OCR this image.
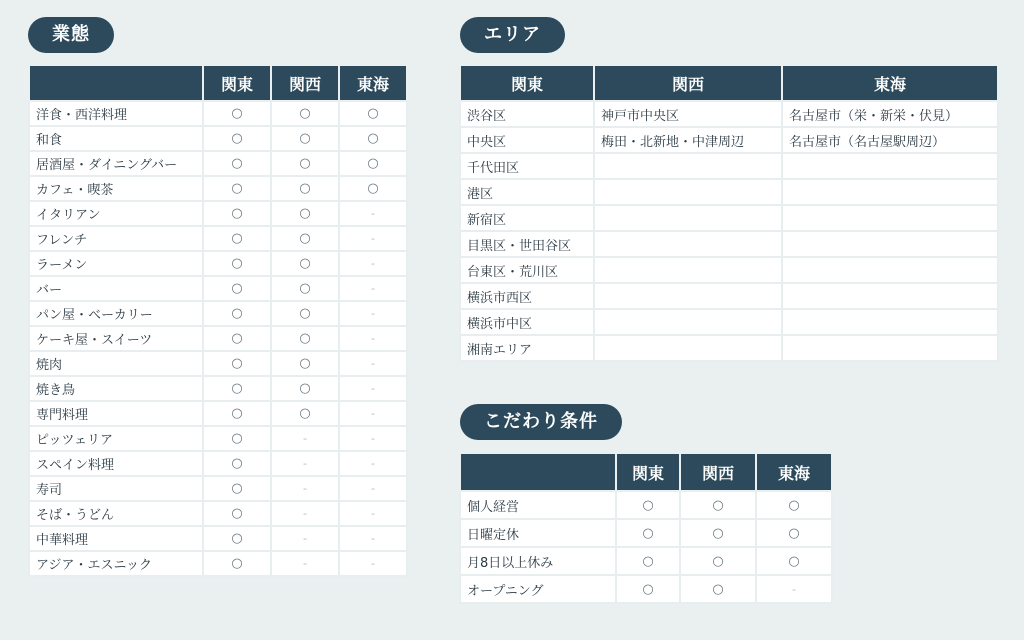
業態
	関東	関西	東海
洋食・西洋料理	○	○	○
和食	○	○	○
居酒屋・ダイニングバー	○	○	○
カフェ・喫茶	○	○	○
イタリアン	○	○	-
フレンチ	○	○	-
ラーメン	○	○	-
バー	○	○	-
パン屋・ベーカリー	○	○	-
ケーキ屋・スイーツ	○	○	-
焼肉	○	○	-
焼き鳥	○	○	-
専門料理	○	○	-
ピッツェリア	○	-	-
スペイン料理	○	-	-
寿司	○	-	-
そば・うどん	○	-	-
中華料理	○	-	-
アジア・エスニック	○	-	-
エリア
関東	関西	東海
渋谷区	神戸市中央区	名古屋市（栄・新栄・伏見）
中央区	梅田・北新地・中津周辺	名古屋市（名古屋駅周辺）
千代田区		
港区		
新宿区		
目黒区・世田谷区		
台東区・荒川区		
横浜市西区		
横浜市中区		
湘南エリア		
こだわり条件
	関東	関西	東海
個人経営	○	○	○
日曜定休	○	○	○
月8日以上休み	○	○	○
オープニング	○	○	-
